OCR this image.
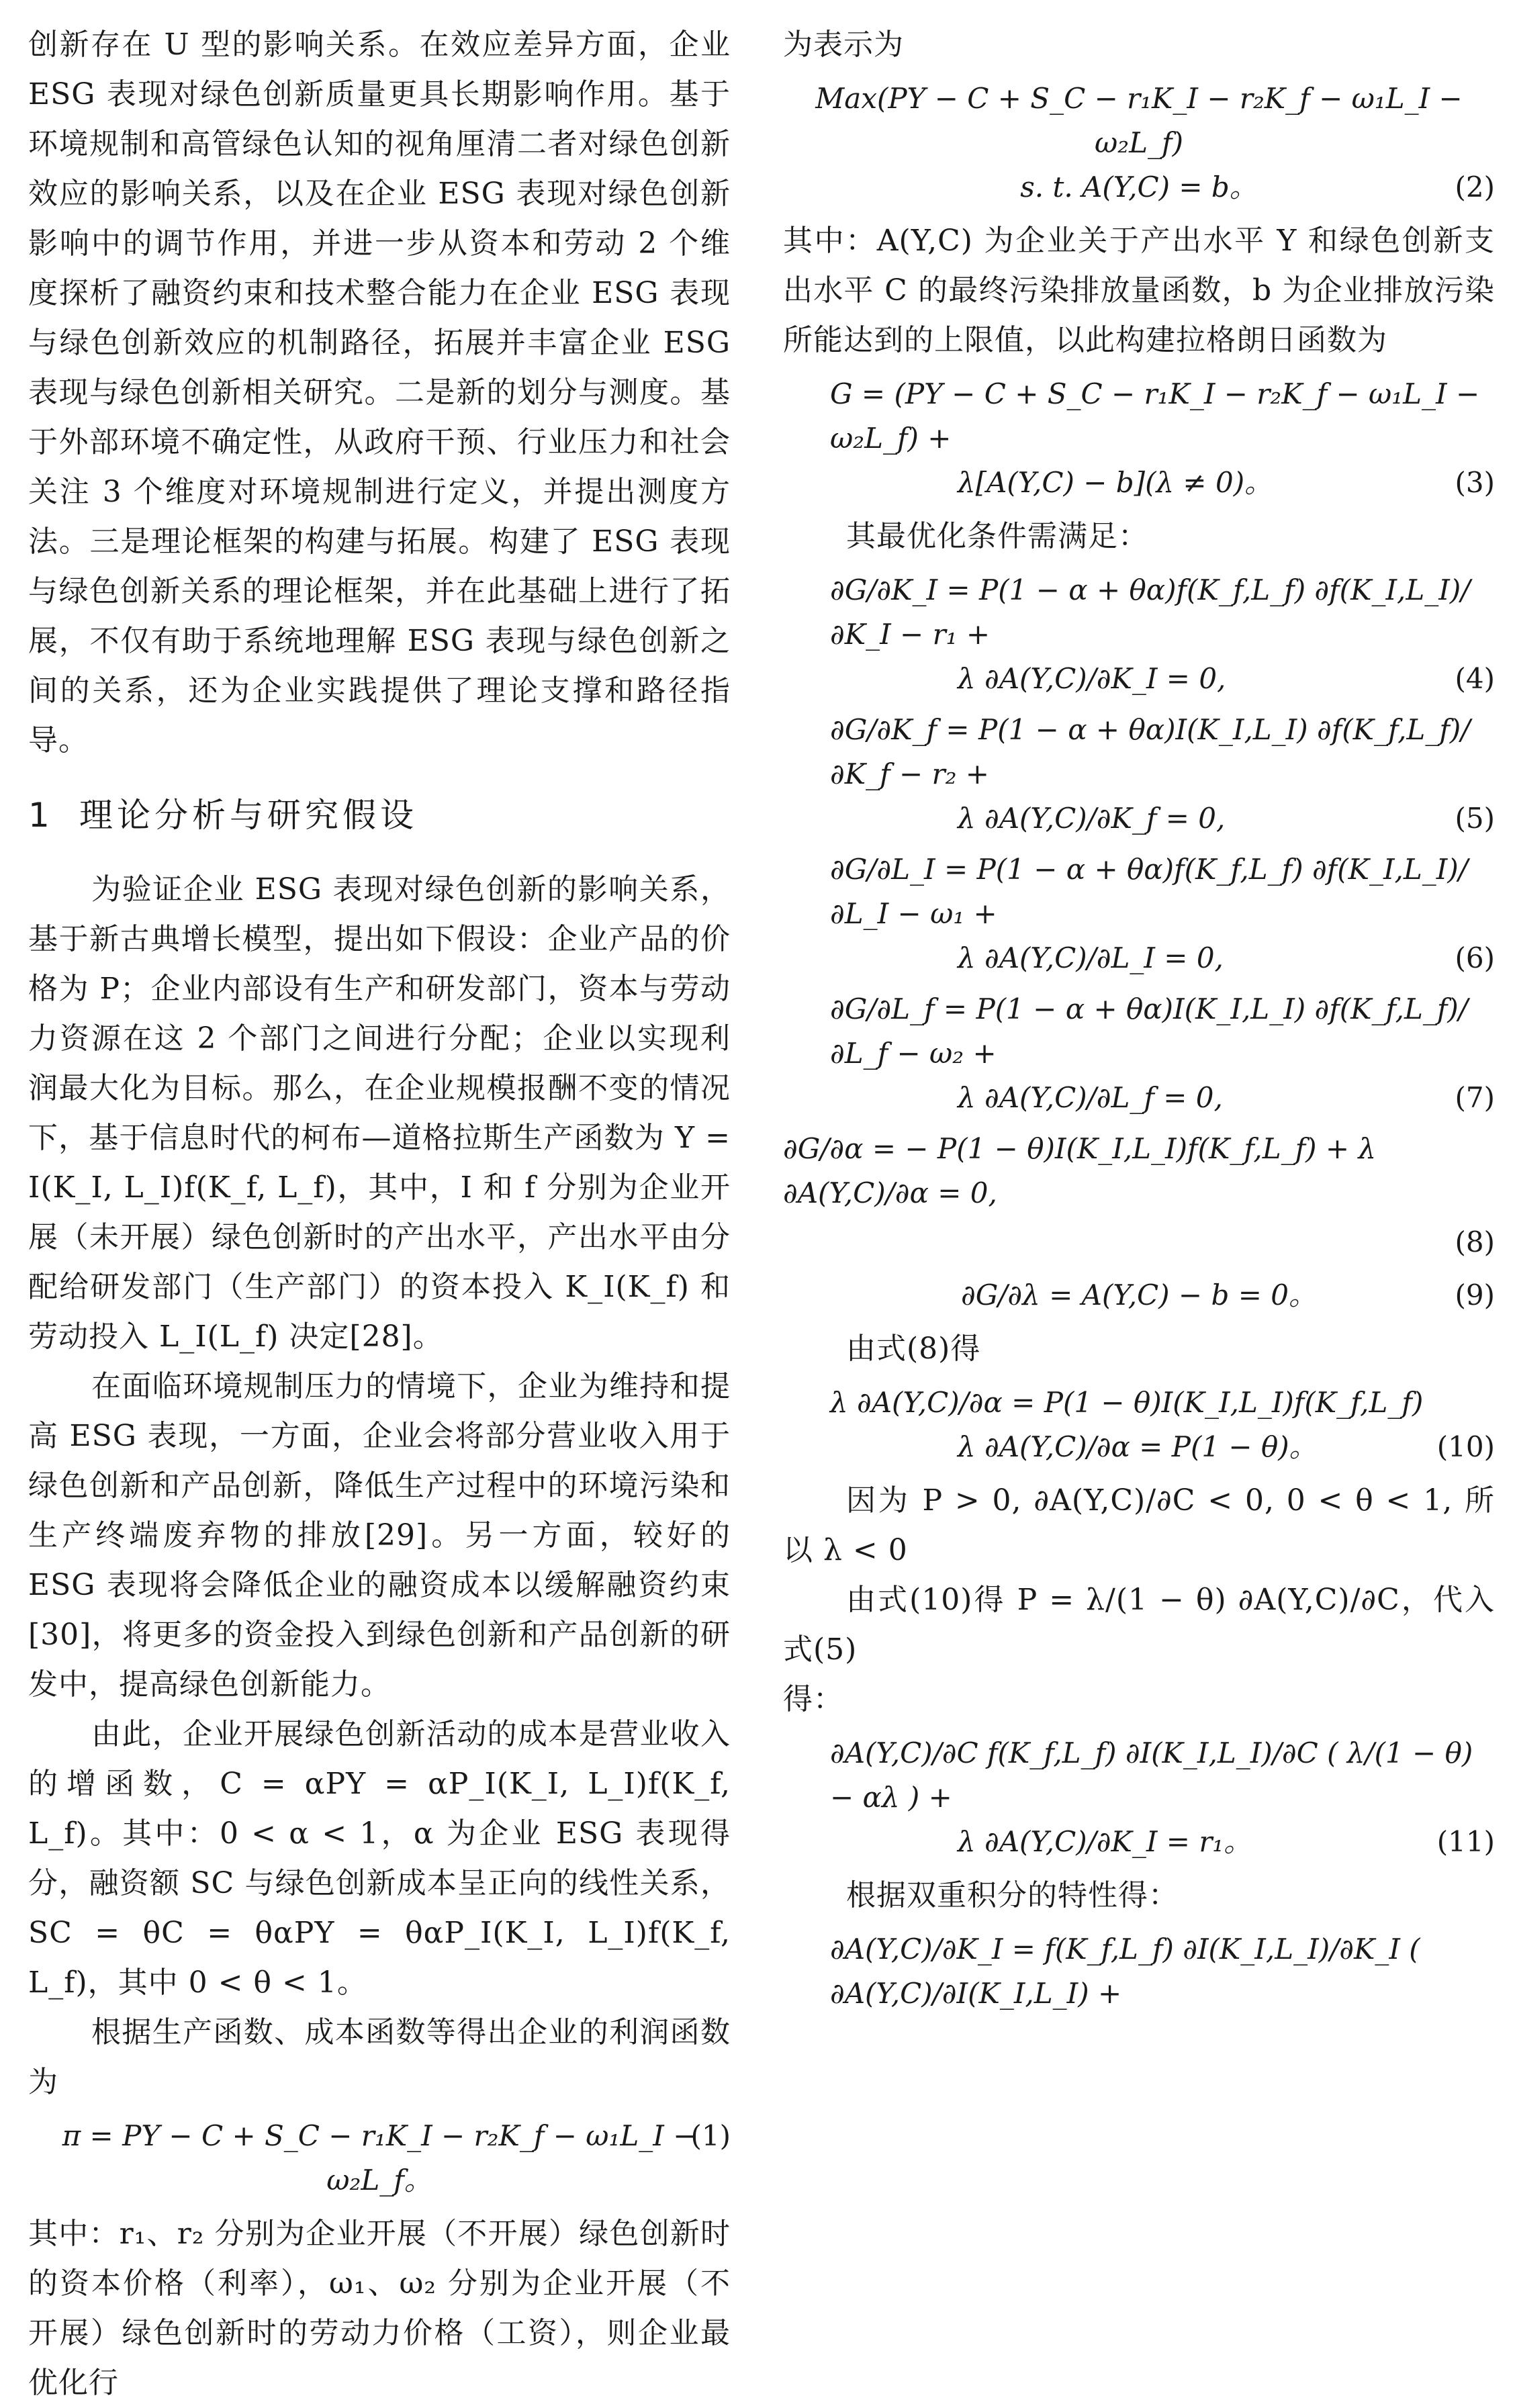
创新存在 U 型的影响关系。在效应差异方面，企业 ESG 表现对绿色创新质量更具长期影响作用。基于环境规制和高管绿色认知的视角厘清二者对绿色创新效应的影响关系，以及在企业 ESG 表现对绿色创新影响中的调节作用，并进一步从资本和劳动 2 个维度探析了融资约束和技术整合能力在企业 ESG 表现与绿色创新效应的机制路径，拓展并丰富企业 ESG 表现与绿色创新相关研究。二是新的划分与测度。基于外部环境不确定性，从政府干预、行业压力和社会关注 3 个维度对环境规制进行定义，并提出测度方法。三是理论框架的构建与拓展。构建了 ESG 表现与绿色创新关系的理论框架，并在此基础上进行了拓展，不仅有助于系统地理解 ESG 表现与绿色创新之间的关系，还为企业实践提供了理论支撑和路径指导。

1 理论分析与研究假设

为验证企业 ESG 表现对绿色创新的影响关系，基于新古典增长模型，提出如下假设：企业产品的价格为 P；企业内部设有生产和研发部门，资本与劳动力资源在这 2 个部门之间进行分配；企业以实现利润最大化为目标。那么，在企业规模报酬不变的情况下，基于信息时代的柯布—道格拉斯生产函数为 Y = I(K_I, L_I)f(K_f, L_f)，其中，I 和 f 分别为企业开展（未开展）绿色创新时的产出水平，产出水平由分配给研发部门（生产部门）的资本投入 K_I(K_f) 和劳动投入 L_I(L_f) 决定[28]。

在面临环境规制压力的情境下，企业为维持和提高 ESG 表现，一方面，企业会将部分营业收入用于绿色创新和产品创新，降低生产过程中的环境污染和生产终端废弃物的排放[29]。另一方面，较好的 ESG 表现将会降低企业的融资成本以缓解融资约束[30]，将更多的资金投入到绿色创新和产品创新的研发中，提高绿色创新能力。

由此，企业开展绿色创新活动的成本是营业收入的增函数，C = αPY = αP_I(K_I, L_I)f(K_f, L_f)。其中：0 < α < 1，α 为企业 ESG 表现得分，融资额 SC 与绿色创新成本呈正向的线性关系，SC = θC = θαPY = θαP_I(K_I, L_I)f(K_f, L_f)，其中 0 < θ < 1。

根据生产函数、成本函数等得出企业的利润函数为

π = PY − C + S_C − r₁K_I − r₂K_f − ω₁L_I − ω₂L_f。
(1)

其中：r₁、r₂ 分别为企业开展（不开展）绿色创新时的资本价格（利率），ω₁、ω₂ 分别为企业开展（不开展）绿色创新时的劳动力价格（工资），则企业最优化行

为表示为

Max(PY − C + S_C − r₁K_I − r₂K_f − ω₁L_I − ω₂L_f)
s. t. A(Y,C) = b。	(2)

其中：A(Y,C) 为企业关于产出水平 Y 和绿色创新支出水平 C 的最终污染排放量函数，b 为企业排放污染所能达到的上限值，以此构建拉格朗日函数为

G = (PY − C + S_C − r₁K_I − r₂K_f − ω₁L_I − ω₂L_f) +
λ[A(Y,C) − b](λ ≠ 0)。	(3)

其最优化条件需满足：

∂G/∂K_I = P(1 − α + θα)f(K_f,L_f) ∂f(K_I,L_I)/∂K_I − r₁ +
λ ∂A(Y,C)/∂K_I = 0,	(4)
∂G/∂K_f = P(1 − α + θα)I(K_I,L_I) ∂f(K_f,L_f)/∂K_f − r₂ +
λ ∂A(Y,C)/∂K_f = 0,	(5)
∂G/∂L_I = P(1 − α + θα)f(K_f,L_f) ∂f(K_I,L_I)/∂L_I − ω₁ +
λ ∂A(Y,C)/∂L_I = 0,	(6)
∂G/∂L_f = P(1 − α + θα)I(K_I,L_I) ∂f(K_f,L_f)/∂L_f − ω₂ +
λ ∂A(Y,C)/∂L_f = 0,	(7)
∂G/∂α = − P(1 − θ)I(K_I,L_I)f(K_f,L_f) + λ ∂A(Y,C)/∂α = 0,
(8)
∂G/∂λ = A(Y,C) − b = 0。	(9)

由式(8)得

λ ∂A(Y,C)/∂α = P(1 − θ)I(K_I,L_I)f(K_f,L_f)
λ ∂A(Y,C)/∂α = P(1 − θ)。	(10)

因为 P > 0, ∂A(Y,C)/∂C < 0, 0 < θ < 1, 所以 λ < 0

由式(10)得 P = λ/(1 − θ) ∂A(Y,C)/∂C，代入式(5)

得：

∂A(Y,C)/∂C f(K_f,L_f) ∂I(K_I,L_I)/∂C ( λ/(1 − θ) − αλ ) +
λ ∂A(Y,C)/∂K_I = r₁。	(11)

根据双重积分的特性得：

∂A(Y,C)/∂K_I = f(K_f,L_f) ∂I(K_I,L_I)/∂K_I ( ∂A(Y,C)/∂I(K_I,L_I) +
